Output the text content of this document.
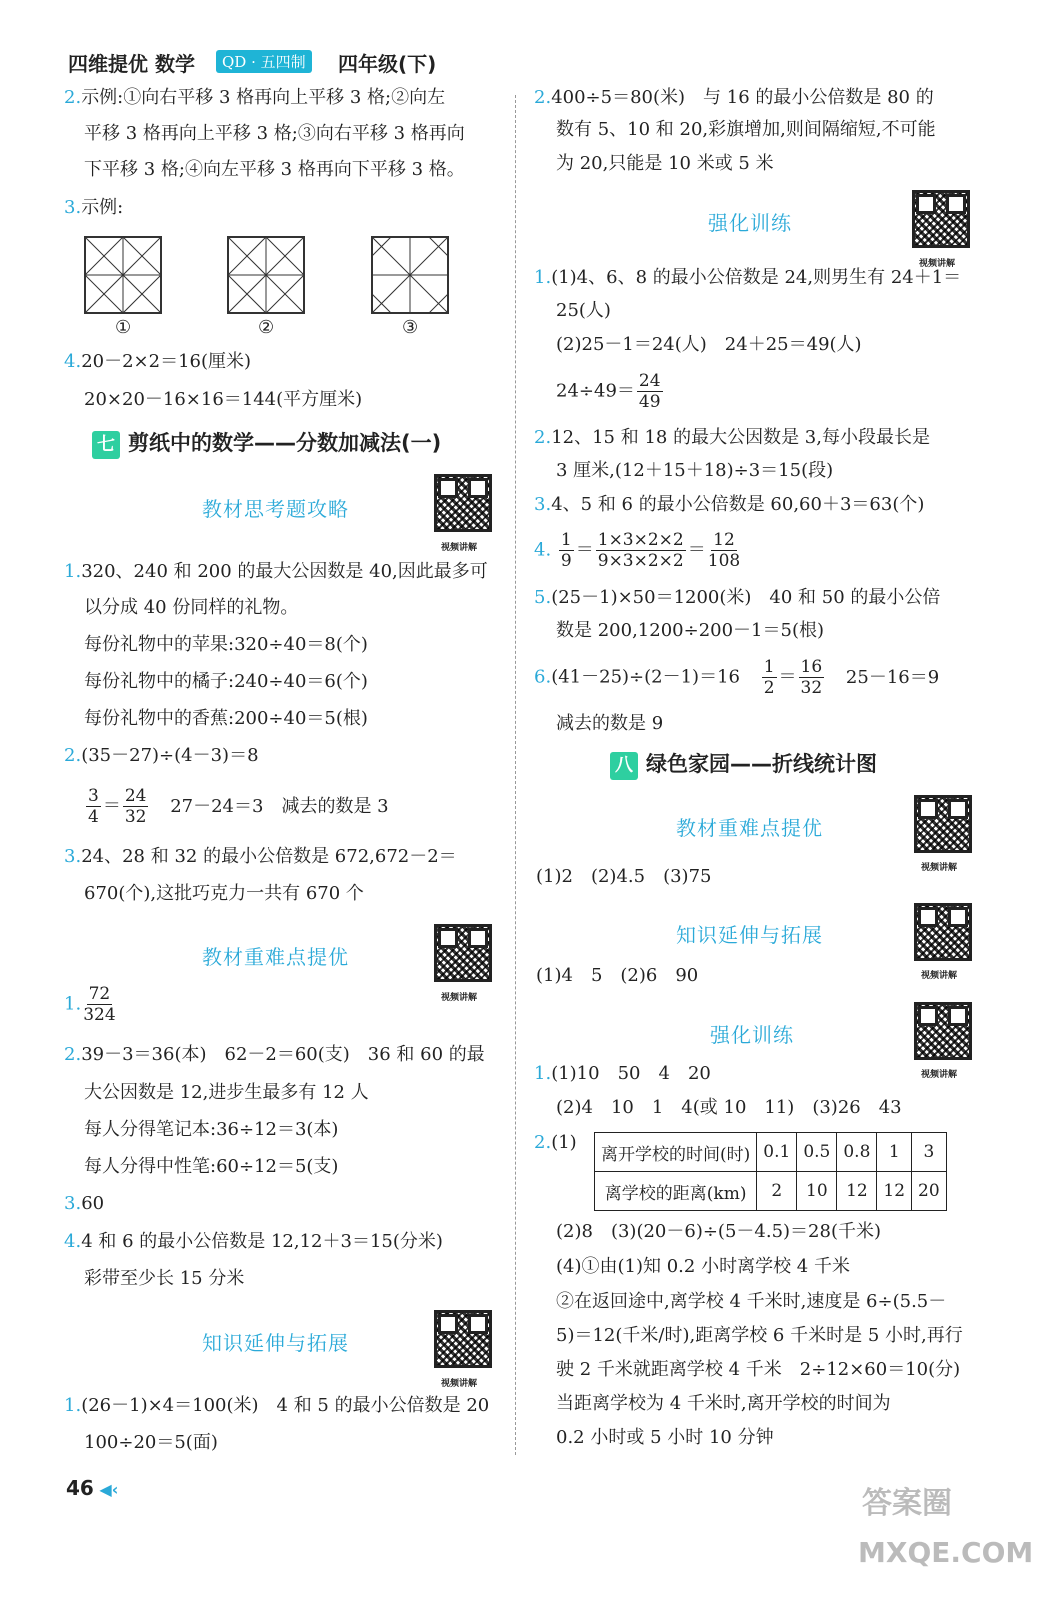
四维提优 数学	QD · 五四制	四年级(下)
2.示例:①向右平移 3 格再向上平移 3 格;②向左
平移 3 格再向上平移 3 格;③向右平移 3 格再向
下平移 3 格;④向左平移 3 格再向下平移 3 格。
3.示例:
①	②	③
4.20－2×2＝16(厘米)
20×20－16×16＝144(平方厘米)
七 剪纸中的数学——分数加减法(一)
教材思考题攻略
视频讲解
1.320、240 和 200 的最大公因数是 40,因此最多可
以分成 40 份同样的礼物。
每份礼物中的苹果:320÷40＝8(个)
每份礼物中的橘子:240÷40＝6(个)
每份礼物中的香蕉:200÷40＝5(根)
2.(35－27)÷(4－3)＝8
$\frac{3}{4} = \frac{24}{32} 27-24=3$　减去的数是 3
3.24、28 和 32 的最小公倍数是 672,672－2＝
670(个),这批巧克力一共有 670 个
教材重难点提优
视频讲解
1. $\frac{72}{324}$
2.39－3＝36(本)　62－2＝60(支)　36 和 60 的最
大公因数是 12,进步生最多有 12 人
每人分得笔记本:36÷12＝3(本)
每人分得中性笔:60÷12＝5(支)
3.60
4.4 和 6 的最小公倍数是 12,12＋3＝15(分米)
彩带至少长 15 分米
知识延伸与拓展
视频讲解
1.(26－1)×4＝100(米)　4 和 5 的最小公倍数是 20
100÷20＝5(面)
2.400÷5＝80(米)　与 16 的最小公倍数是 80 的
数有 5、10 和 20,彩旗增加,则间隔缩短,不可能
为 20,只能是 10 米或 5 米
强化训练
视频讲解
1.(1)4、6、8 的最小公倍数是 24,则男生有 24＋1＝
25(人)
(2)25－1＝24(人)　24＋25＝49(人)
$24\div 49= \frac{24}{49}$
2.12、15 和 18 的最大公因数是 3,每小段最长是
3 厘米,(12＋15＋18)÷3＝15(段)
3.4、5 和 6 的最小公倍数是 60,60＋3＝63(个)
4. $\frac{1}{9} = \frac{1\times 3\times 2\times 2}{9\times 3\times 2\times 2} = \frac{12}{108}$
5.(25－1)×50＝1200(米)　40 和 50 的最小公倍
数是 200,1200÷200－1＝5(根)
$6.(41-25)\div(2-1)=16 \frac{1}{2} = \frac{16}{32} 25-16=9$
减去的数是 9
八 绿色家园——折线统计图
教材重难点提优
视频讲解
(1)2　(2)4.5　(3)75
知识延伸与拓展
视频讲解
(1)4　5　(2)6　90
强化训练
视频讲解
1.(1)10　50　4　20
(2)4　10　1　4(或 10　11)　(3)26　43
2.(1)
离开学校的时间(时)	0.1	0.5	0.8	1	3
离学校的距离(km)	2	10	12	12	20
(2)8　(3)(20－6)÷(5－4.5)＝28(千米)
(4)①由(1)知 0.2 小时离学校 4 千米
②在返回途中,离学校 4 千米时,速度是 6÷(5.5－
5)＝12(千米/时),距离学校 6 千米时是 5 小时,再行
驶 2 千米就距离学校 4 千米　2÷12×60＝10(分)
当距离学校为 4 千米时,离开学校的时间为
0.2 小时或 5 小时 10 分钟
46 ◀‹	答案圈
MXQE.COM
